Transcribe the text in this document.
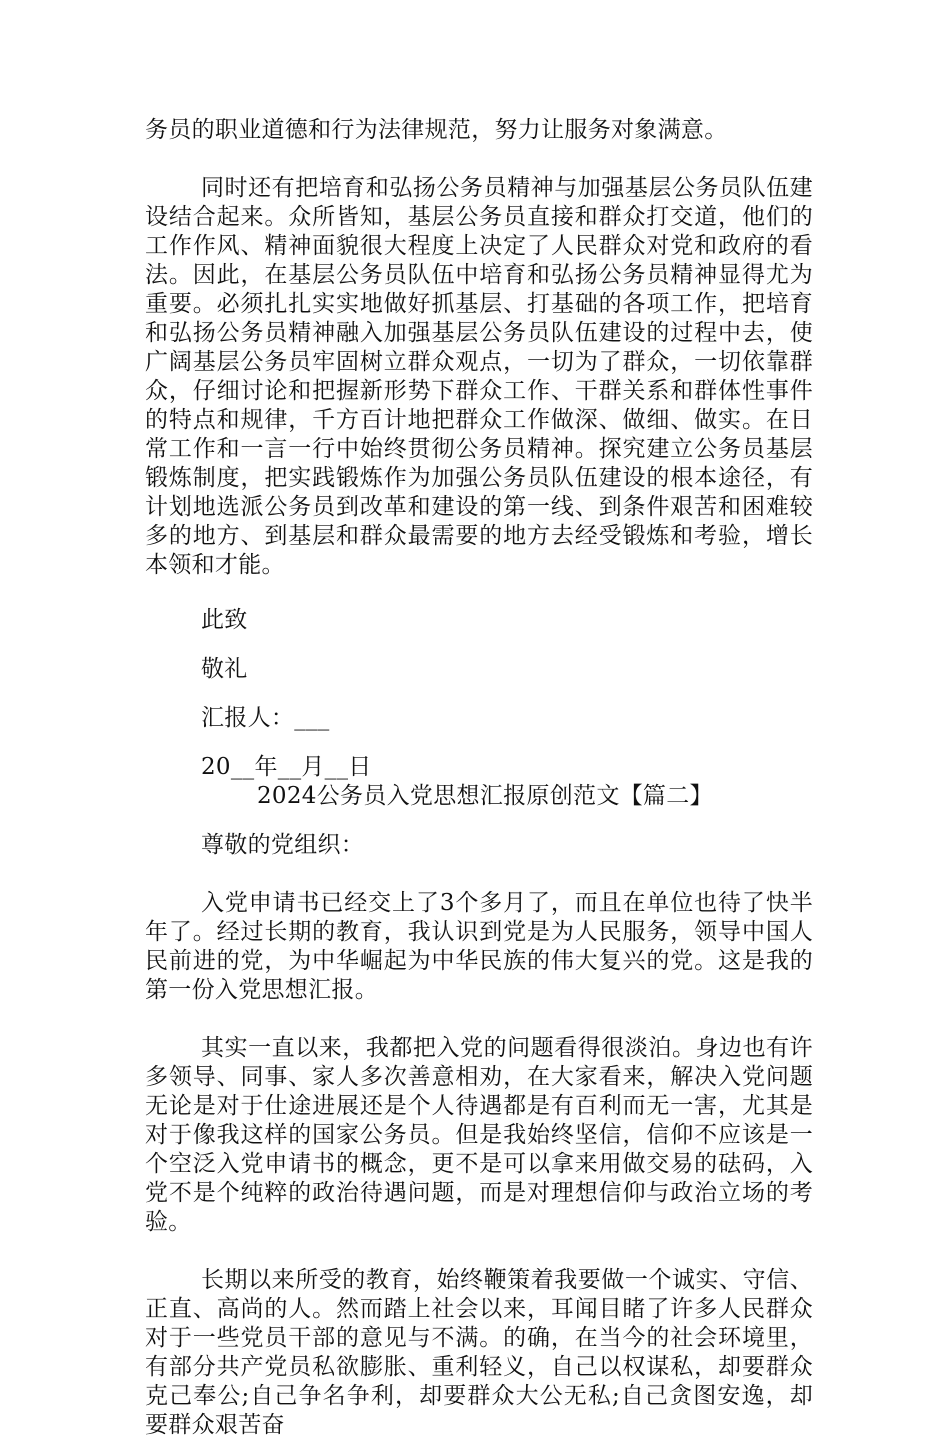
务员的职业道德和行为法律规范，努力让服务对象满意。

同时还有把培育和弘扬公务员精神与加强基层公务员队伍建设结合起来。众所皆知，基层公务员直接和群众打交道，他们的工作作风、精神面貌很大程度上决定了人民群众对党和政府的看法。因此，在基层公务员队伍中培育和弘扬公务员精神显得尤为重要。必须扎扎实实地做好抓基层、打基础的各项工作，把培育和弘扬公务员精神融入加强基层公务员队伍建设的过程中去，使广阔基层公务员牢固树立群众观点，一切为了群众，一切依靠群众，仔细讨论和把握新形势下群众工作、干群关系和群体性事件的特点和规律，千方百计地把群众工作做深、做细、做实。在日常工作和一言一行中始终贯彻公务员精神。探究建立公务员基层锻炼制度，把实践锻炼作为加强公务员队伍建设的根本途径，有计划地选派公务员到改革和建设的第一线、到条件艰苦和困难较多的地方、到基层和群众最需要的地方去经受锻炼和考验，增长本领和才能。

此致

敬礼

汇报人：___

20__年__月__日

2024公务员入党思想汇报原创范文【篇二】

尊敬的党组织：

入党申请书已经交上了3个多月了，而且在单位也待了快半年了。经过长期的教育，我认识到党是为人民服务，领导中国人民前进的党，为中华崛起为中华民族的伟大复兴的党。这是我的第一份入党思想汇报。

其实一直以来，我都把入党的问题看得很淡泊。身边也有许多领导、同事、家人多次善意相劝，在大家看来，解决入党问题无论是对于仕途进展还是个人待遇都是有百利而无一害，尤其是对于像我这样的国家公务员。但是我始终坚信，信仰不应该是一个空泛入党申请书的概念，更不是可以拿来用做交易的砝码，入党不是个纯粹的政治待遇问题，而是对理想信仰与政治立场的考验。

长期以来所受的教育，始终鞭策着我要做一个诚实、守信、正直、高尚的人。然而踏上社会以来，耳闻目睹了许多人民群众对于一些党员干部的意见与不满。的确，在当今的社会环境里，有部分共产党员私欲膨胀、重利轻义，自己以权谋私，却要群众克己奉公;自己争名争利，却要群众大公无私;自己贪图安逸，却要群众艰苦奋
